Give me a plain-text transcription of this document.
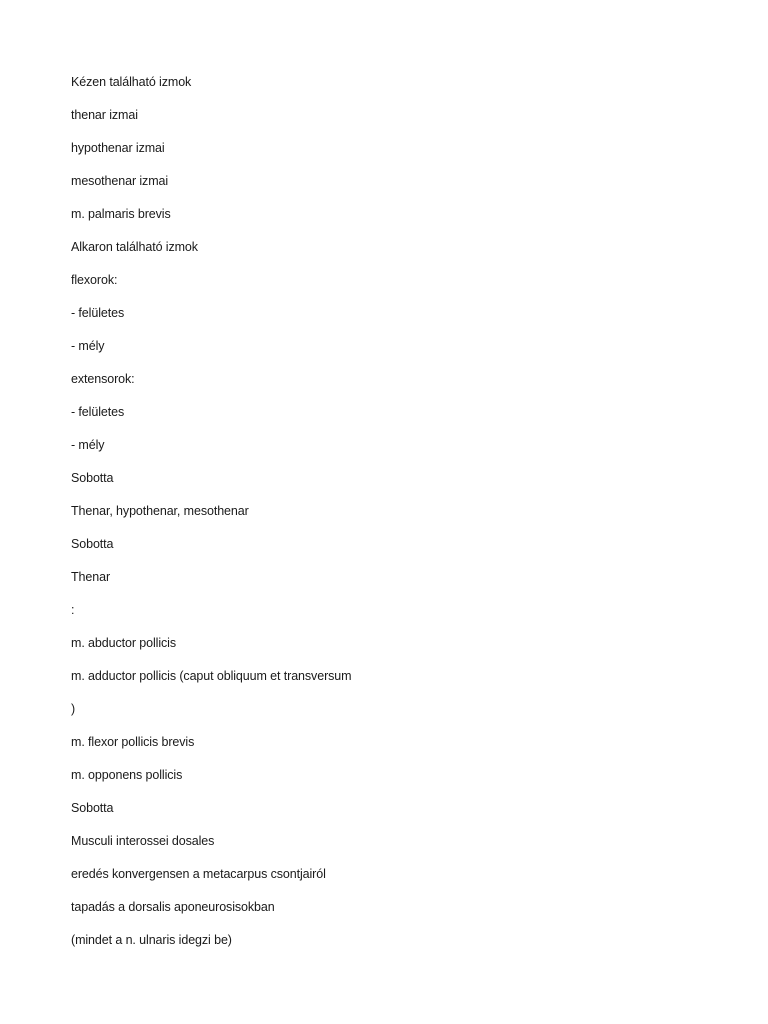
Kézen található izmok
thenar izmai
hypothenar izmai
mesothenar izmai
m. palmaris brevis
Alkaron található izmok
flexorok:
- felületes
- mély
extensorok:
- felületes
- mély
Sobotta
Thenar, hypothenar, mesothenar
Sobotta
Thenar
:
m. abductor pollicis
m. adductor pollicis (caput obliquum et transversum
)
m. flexor pollicis brevis
m. opponens pollicis
Sobotta
Musculi interossei dosales
eredés konvergensen a metacarpus csontjairól
tapadás a dorsalis aponeurosisokban
(mindet a n. ulnaris idegzi be)
